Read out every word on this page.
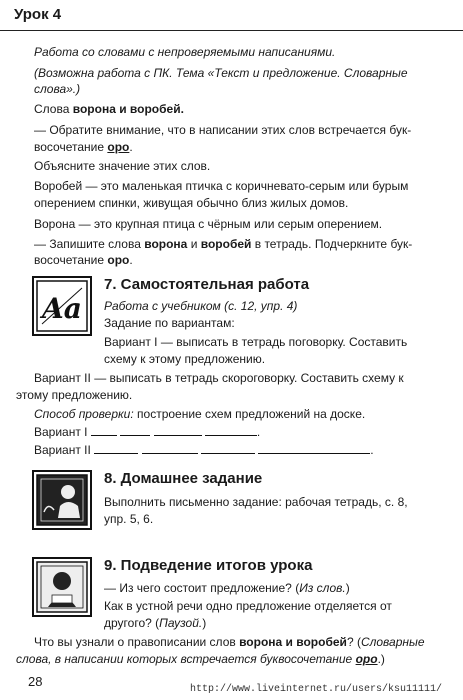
Урок 4
Работа со словами с непроверяемыми написаниями.
(Возможна работа с ПК. Тема «Текст и предложение. Словарные
слова».)
Слова ворона и воробей.
— Обратите внимание, что в написании этих слов встречается бук-
восочетание оро.
Объясните значение этих слов.
Воробей — это маленькая птичка с коричневато-серым или бурым
оперением спинки, живущая обычно близ жилых домов.
Ворона — это крупная птица с чёрным или серым оперением.
— Запишите слова ворона и воробей в тетрадь. Подчеркните бук-
восочетание оро.
Aa
7. Самостоятельная работа
Работа с учебником (с. 12, упр. 4)
Задание по вариантам:
Вариант I — выписать в тетрадь поговорку. Составить
схему к этому предложению.
Вариант II — выписать в тетрадь скороговорку. Составить схему к
этому предложению.
Способ проверки: построение схем предложений на доске.
Вариант I	.
Вариант II	.
8. Домашнее задание
Выполнить письменно задание: рабочая тетрадь, с. 8,
упр. 5, 6.
9. Подведение итогов урока
— Из чего состоит предложение? (Из слов.)
Как в устной речи одно предложение отделяется от
другого? (Паузой.)
Что вы узнали о правописании слов ворона и воробей? (Словарные
слова, в написании которых встречается буквосочетание оро.)
28
http://www.liveinternet.ru/users/ksu11111/
